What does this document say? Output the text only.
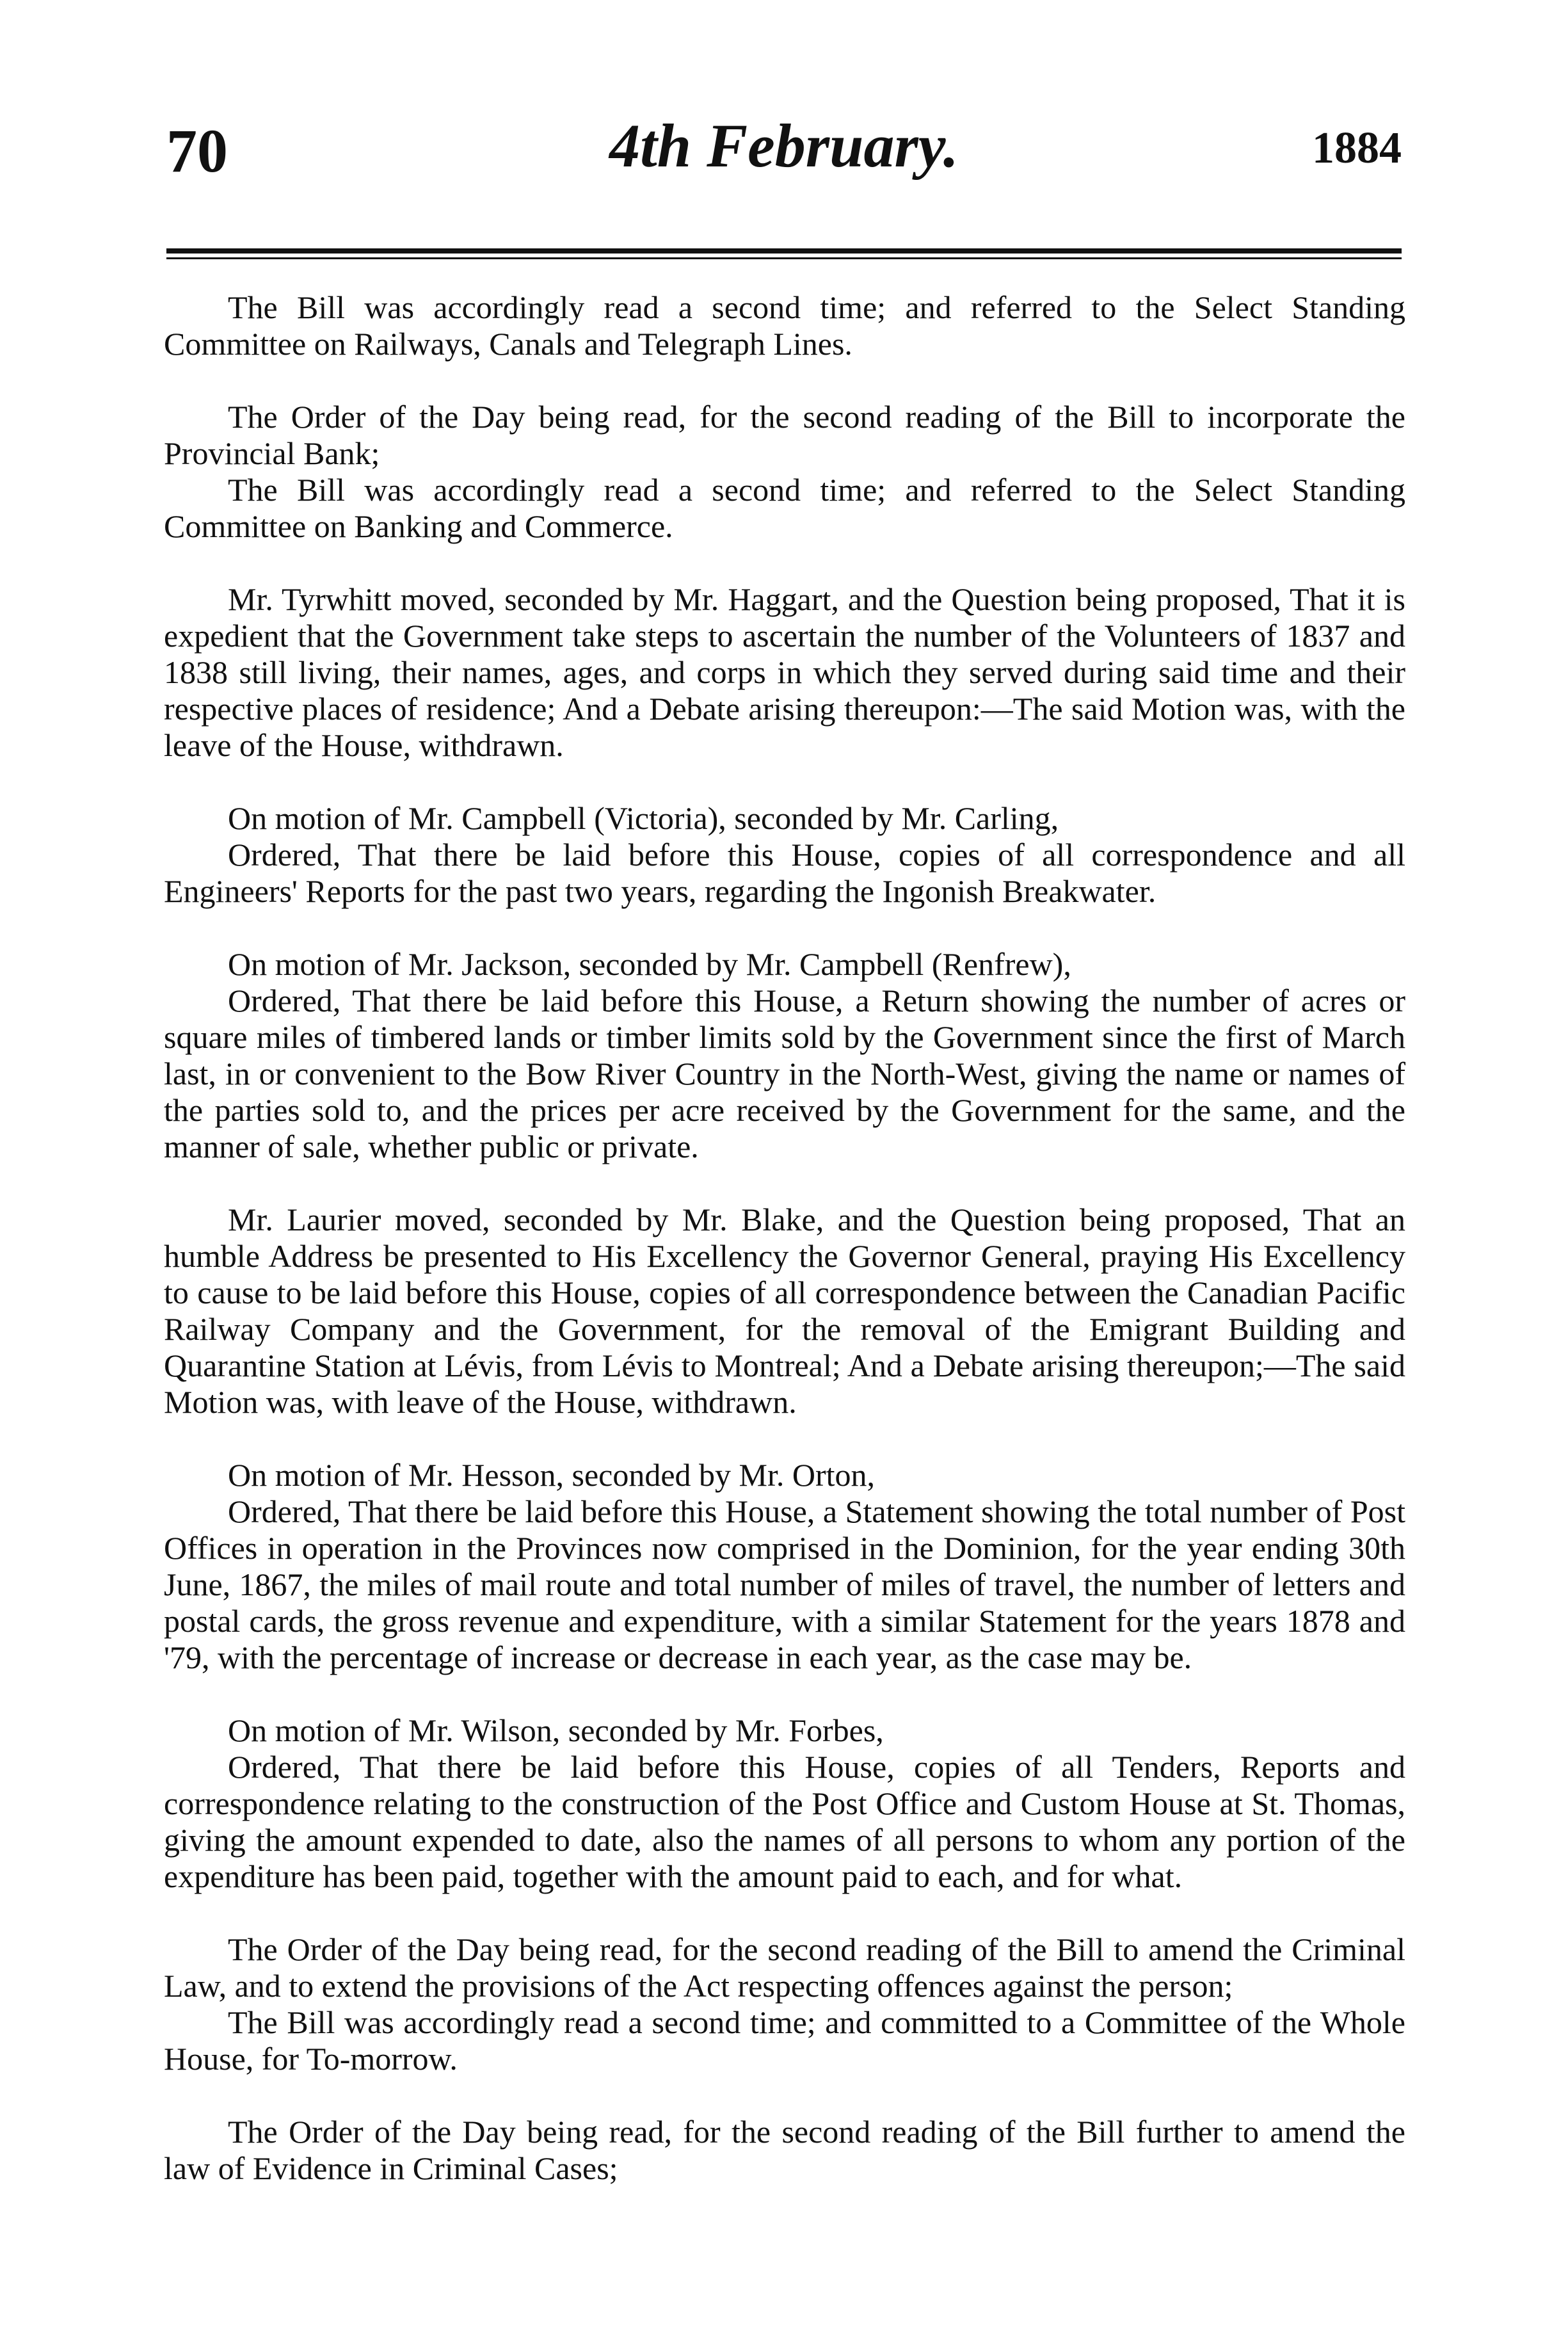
70	4th February.	1884

The Bill was accordingly read a second time; and referred to the Select Standing Committee on Railways, Canals and Telegraph Lines.

The Order of the Day being read, for the second reading of the Bill to incorporate the Provincial Bank;

The Bill was accordingly read a second time; and referred to the Select Standing Committee on Banking and Commerce.

Mr. Tyrwhitt moved, seconded by Mr. Haggart, and the Question being proposed, That it is expedient that the Government take steps to ascertain the number of the Volunteers of 1837 and 1838 still living, their names, ages, and corps in which they served during said time and their respective places of residence; And a Debate arising thereupon:—The said Motion was, with the leave of the House, withdrawn.

On motion of Mr. Campbell (Victoria), seconded by Mr. Carling,

Ordered, That there be laid before this House, copies of all correspondence and all Engineers' Reports for the past two years, regarding the Ingonish Breakwater.

On motion of Mr. Jackson, seconded by Mr. Campbell (Renfrew),

Ordered, That there be laid before this House, a Return showing the number of acres or square miles of timbered lands or timber limits sold by the Government since the first of March last, in or convenient to the Bow River Country in the North-West, giving the name or names of the parties sold to, and the prices per acre received by the Government for the same, and the manner of sale, whether public or private.

Mr. Laurier moved, seconded by Mr. Blake, and the Question being proposed, That an humble Address be presented to His Excellency the Governor General, praying His Excellency to cause to be laid before this House, copies of all correspondence between the Canadian Pacific Railway Company and the Government, for the removal of the Emigrant Building and Quarantine Station at Lévis, from Lévis to Montreal; And a Debate arising thereupon;—The said Motion was, with leave of the House, withdrawn.

On motion of Mr. Hesson, seconded by Mr. Orton,

Ordered, That there be laid before this House, a Statement showing the total number of Post Offices in operation in the Provinces now comprised in the Dominion, for the year ending 30th June, 1867, the miles of mail route and total number of miles of travel, the number of letters and postal cards, the gross revenue and expenditure, with a similar Statement for the years 1878 and '79, with the percentage of increase or decrease in each year, as the case may be.

On motion of Mr. Wilson, seconded by Mr. Forbes,

Ordered, That there be laid before this House, copies of all Tenders, Reports and correspondence relating to the construction of the Post Office and Custom House at St. Thomas, giving the amount expended to date, also the names of all persons to whom any portion of the expenditure has been paid, together with the amount paid to each, and for what.

The Order of the Day being read, for the second reading of the Bill to amend the Criminal Law, and to extend the provisions of the Act respecting offences against the person;

The Bill was accordingly read a second time; and committed to a Committee of the Whole House, for To-morrow.

The Order of the Day being read, for the second reading of the Bill further to amend the law of Evidence in Criminal Cases;
